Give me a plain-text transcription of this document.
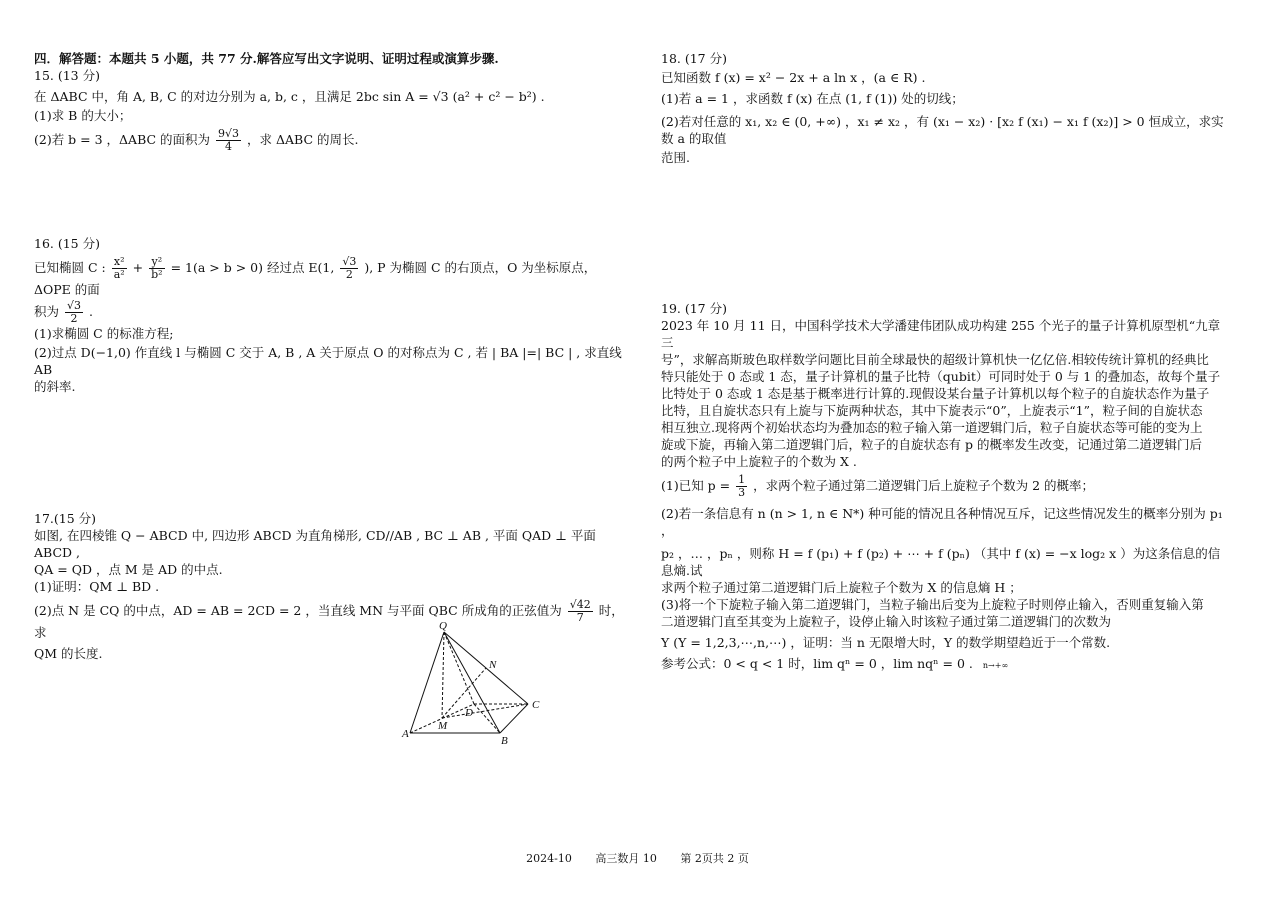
四．解答题：本题共 5 小题，共 77 分.解答应写出文字说明、证明过程或演算步骤.

15. (13 分)

在 ΔABC 中，角 A, B, C 的对边分别为 a, b, c ，且满足 2bc sin A = √3 (a² + c² − b²) .

(1)求 B 的大小；

(2)若 b = 3 ，ΔABC 的面积为 $\frac{9√3}{4}$ ，求 ΔABC 的周长.

16. (15 分)

已知椭圆 C : $\frac{\text{x²}}{\text{a²}} + \frac{\text{y²}}{\text{b²}} = 1(a > b > 0)$ 经过点 E(1, $\frac{√3}{2}$ ), P 为椭圆 C 的右顶点，O 为坐标原点，ΔOPE 的面

积为 $\frac{√3}{2}$ .

(1)求椭圆 C 的标准方程;

(2)过点 D(−1,0) 作直线 l 与椭圆 C 交于 A, B , A 关于原点 O 的对称点为 C , 若 | BA |=| BC | , 求直线 AB

的斜率.

17.(15 分)

如图, 在四棱锥 Q − ABCD 中, 四边形 ABCD 为直角梯形, CD//AB , BC ⊥ AB , 平面 QAD ⊥ 平面 ABCD ,

QA = QD ，点 M 是 AD 的中点.

(1)证明：QM ⊥ BD .

(2)点 N 是 CQ 的中点，AD = AB = 2CD = 2 ，当直线 MN 与平面 QBC 所成角的正弦值为 $\frac{√42}{7}$ 时，求

QM 的长度.

Q
N
C
D
A
M
B

18. (17 分)

已知函数 f (x) = x² − 2x + a ln x ，(a ∈ R) .

(1)若 a = 1 ，求函数 f (x) 在点 (1, f (1)) 处的切线；

(2)若对任意的 x₁, x₂ ∈ (0, +∞) ，x₁ ≠ x₂ ，有 (x₁ − x₂) · [x₂ f (x₁) − x₁ f (x₂)] > 0 恒成立，求实数 a 的取值

范围.

19. (17 分)

2023 年 10 月 11 日，中国科学技术大学潘建伟团队成功构建 255 个光子的量子计算机原型机“九章三

号”，求解高斯玻色取样数学问题比目前全球最快的超级计算机快一亿亿倍.相较传统计算机的经典比

特只能处于 0 态或 1 态，量子计算机的量子比特（qubit）可同时处于 0 与 1 的叠加态，故每个量子

比特处于 0 态或 1 态是基于概率进行计算的.现假设某台量子计算机以每个粒子的自旋状态作为量子

比特，且自旋状态只有上旋与下旋两种状态，其中下旋表示“0”，上旋表示“1”，粒子间的自旋状态

相互独立.现将两个初始状态均为叠加态的粒子输入第一道逻辑门后，粒子自旋状态等可能的变为上

旋或下旋，再输入第二道逻辑门后，粒子的自旋状态有 p 的概率发生改变，记通过第二道逻辑门后

的两个粒子中上旋粒子的个数为 X .

(1)已知 $p = \frac{1}{3}$ ，求两个粒子通过第二道逻辑门后上旋粒子个数为 2 的概率；

(2)若一条信息有 n (n > 1, n ∈ N*) 种可能的情况且各种情况互斥，记这些情况发生的概率分别为 p₁ ，

p₂ ，… ，pₙ ，则称 H = f (p₁) + f (p₂) + ⋯ + f (pₙ) （其中 f (x) = −x log₂ x ）为这条信息的信息熵.试

求两个粒子通过第二道逻辑门后上旋粒子个数为 X 的信息熵 H ；

(3)将一个下旋粒子输入第二道逻辑门，当粒子输出后变为上旋粒子时则停止输入，否则重复输入第

二道逻辑门直至其变为上旋粒子，设停止输入时该粒子通过第二道逻辑门的次数为

Y (Y = 1,2,3,⋯,n,⋯) ，证明：当 n 无限增大时，Y 的数学期望趋近于一个常数.

参考公式：0 < q < 1 时，lim qⁿ = 0 ，lim nqⁿ = 0 . n→+∞

2024-10 高三数月 10 第 2页共 2 页
